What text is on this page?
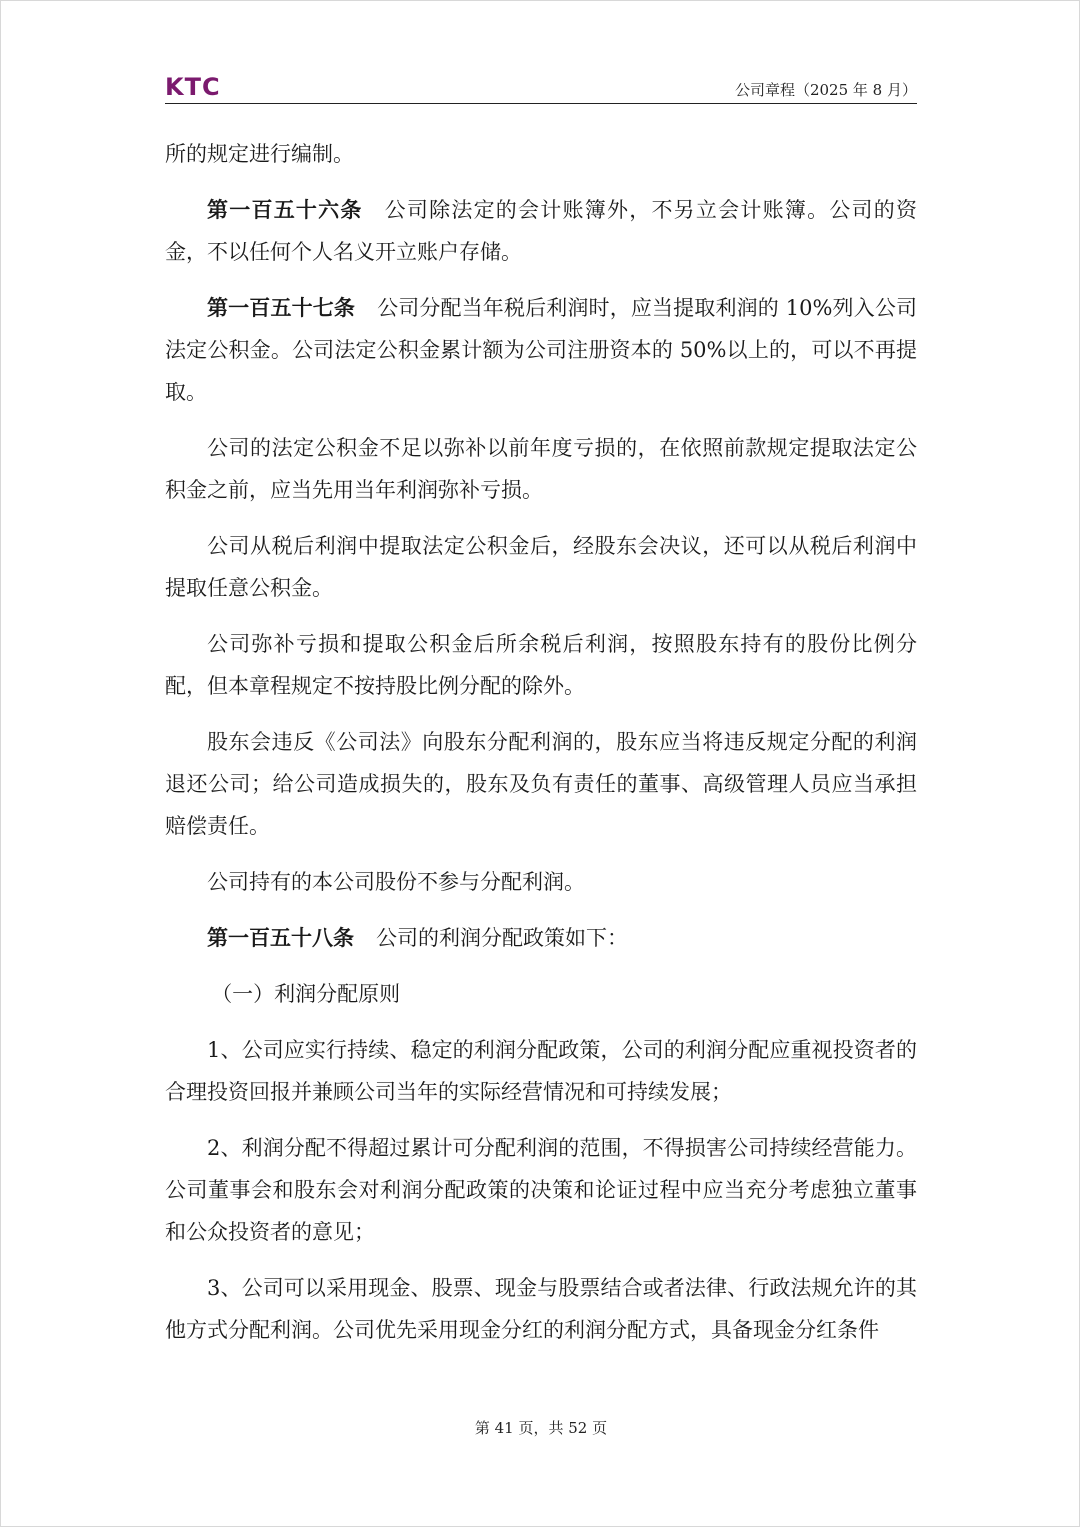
KTC	公司章程（2025 年 8 月）

所的规定进行编制。

第一百五十六条 公司除法定的会计账簿外，不另立会计账簿。公司的资金，不以任何个人名义开立账户存储。

第一百五十七条 公司分配当年税后利润时，应当提取利润的 10%列入公司法定公积金。公司法定公积金累计额为公司注册资本的 50%以上的，可以不再提取。

公司的法定公积金不足以弥补以前年度亏损的，在依照前款规定提取法定公积金之前，应当先用当年利润弥补亏损。

公司从税后利润中提取法定公积金后，经股东会决议，还可以从税后利润中提取任意公积金。

公司弥补亏损和提取公积金后所余税后利润，按照股东持有的股份比例分配，但本章程规定不按持股比例分配的除外。

股东会违反《公司法》向股东分配利润的，股东应当将违反规定分配的利润退还公司；给公司造成损失的，股东及负有责任的董事、高级管理人员应当承担赔偿责任。

公司持有的本公司股份不参与分配利润。

第一百五十八条 公司的利润分配政策如下：

（一）利润分配原则

1、公司应实行持续、稳定的利润分配政策，公司的利润分配应重视投资者的合理投资回报并兼顾公司当年的实际经营情况和可持续发展；

2、利润分配不得超过累计可分配利润的范围，不得损害公司持续经营能力。公司董事会和股东会对利润分配政策的决策和论证过程中应当充分考虑独立董事和公众投资者的意见；

3、公司可以采用现金、股票、现金与股票结合或者法律、行政法规允许的其他方式分配利润。公司优先采用现金分红的利润分配方式，具备现金分红条件

第 41 页，共 52 页
